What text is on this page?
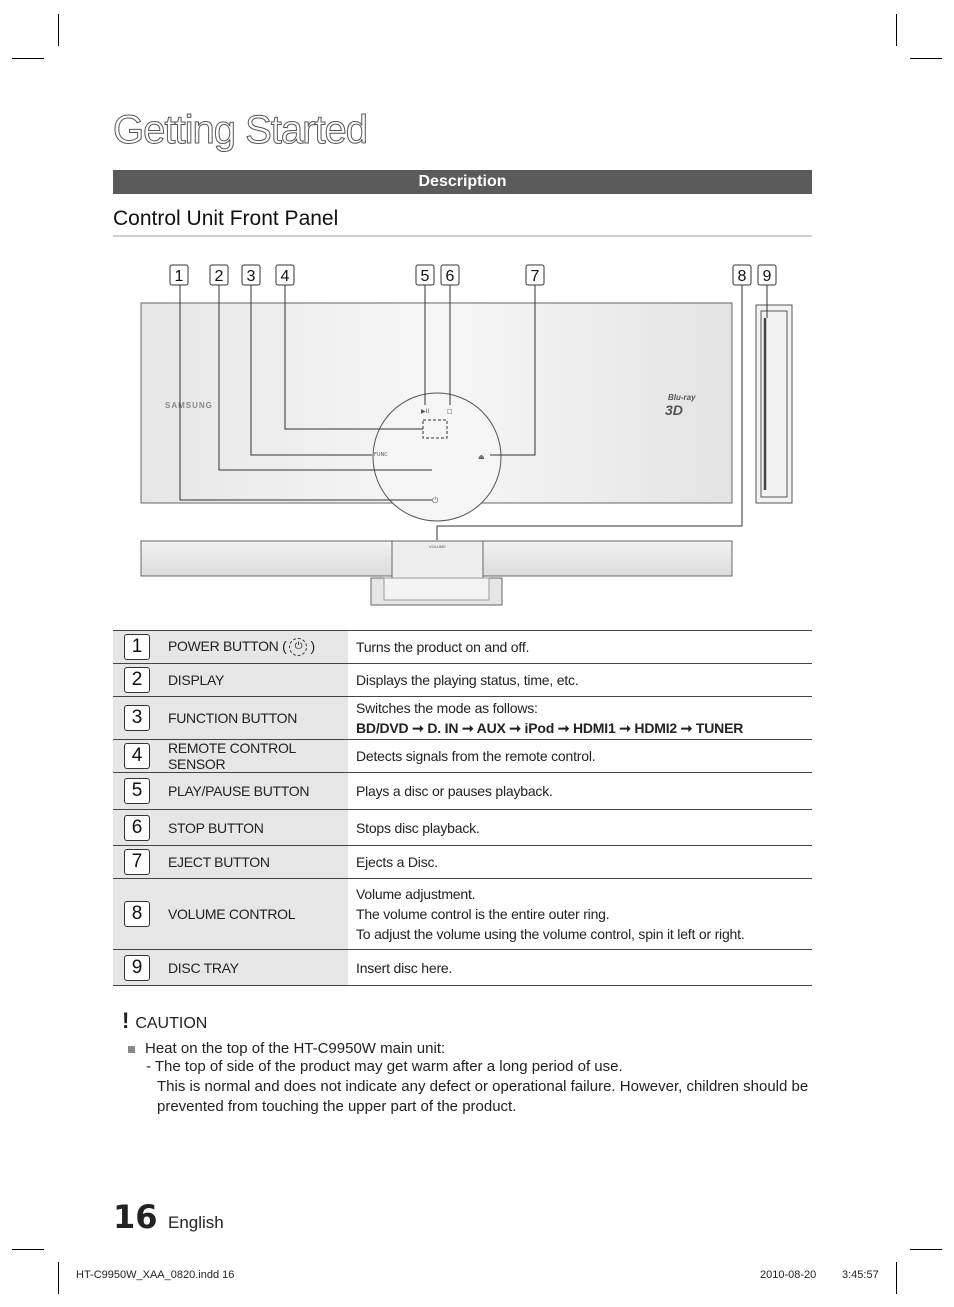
Getting Started
Description
Control Unit Front Panel
▶II	□
⏏
FUNC
⏻
SAMSUNG
Blu-ray
3D
VOLUME
1 2 3 4	5 6	7	8 9
1	POWER BUTTON ( ⏻ )	Turns the product on and off.

2	DISPLAY	Displays the playing status, time, etc.

3	FUNCTION BUTTON	Switches the mode as follows:
BD/DVD ➞ D. IN ➞ AUX ➞ iPod ➞ HDMI1 ➞ HDMI2 ➞ TUNER

4	REMOTE CONTROL SENSOR	Detects signals from the remote control.

5	PLAY/PAUSE BUTTON	Plays a disc or pauses playback.

6	STOP BUTTON	Stops disc playback.

7	EJECT BUTTON	Ejects a Disc.

8	VOLUME CONTROL	Volume adjustment.
The volume control is the entire outer ring.
To adjust the volume using the volume control, spin it left or right.

9	DISC TRAY	Insert disc here.
! CAUTION
Heat on the top of the HT-C9950W main unit:
- The top of side of the product may get warm after a long period of use.
This is normal and does not indicate any defect or operational failure. However, children should be
prevented from touching the upper part of the product.
16 English
HT-C9950W_XAA_0820.indd 16	2010-08-20 3:45:57
